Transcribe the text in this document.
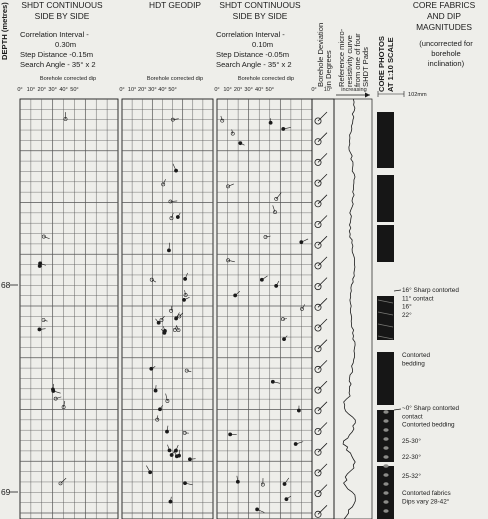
DEPTH (metres)
68
69
SHDT CONTINUOUS
SIDE BY SIDE
Correlation Interval -
0.30m
Step Distance -0.15m
Search Angle - 35° x 2
Borehole corrected dip
HDT GEODIP
Borehole corrected dip
SHDT CONTINUOUS
SIDE BY SIDE
Correlation Interval -
0.10m
Step Distance -0.05m
Search Angle - 35° x 2
Borehole corrected dip	Borehole Deviation in Degrees Reference micro- resistivity curve from one of four SHDT Pads
increasing CORE PHOTOS AT 1:10 SCALE
102mm
CORE FABRICS
AND DIP
MAGNITUDES
(uncorrected for
borehole
inclination)
0° 10° 20° 30° 40° 50°	0° 10° 20° 30° 40° 50°	0° 10° 20° 30° 40° 50°	0° 10°
16° Sharp contorted
11° contact
16°
22°
Contorted
bedding
~0° Sharp contorted
contact
Contorted bedding
25-30°
22-30°
25-32°
Contorted fabrics
Dips vary 28-42°
